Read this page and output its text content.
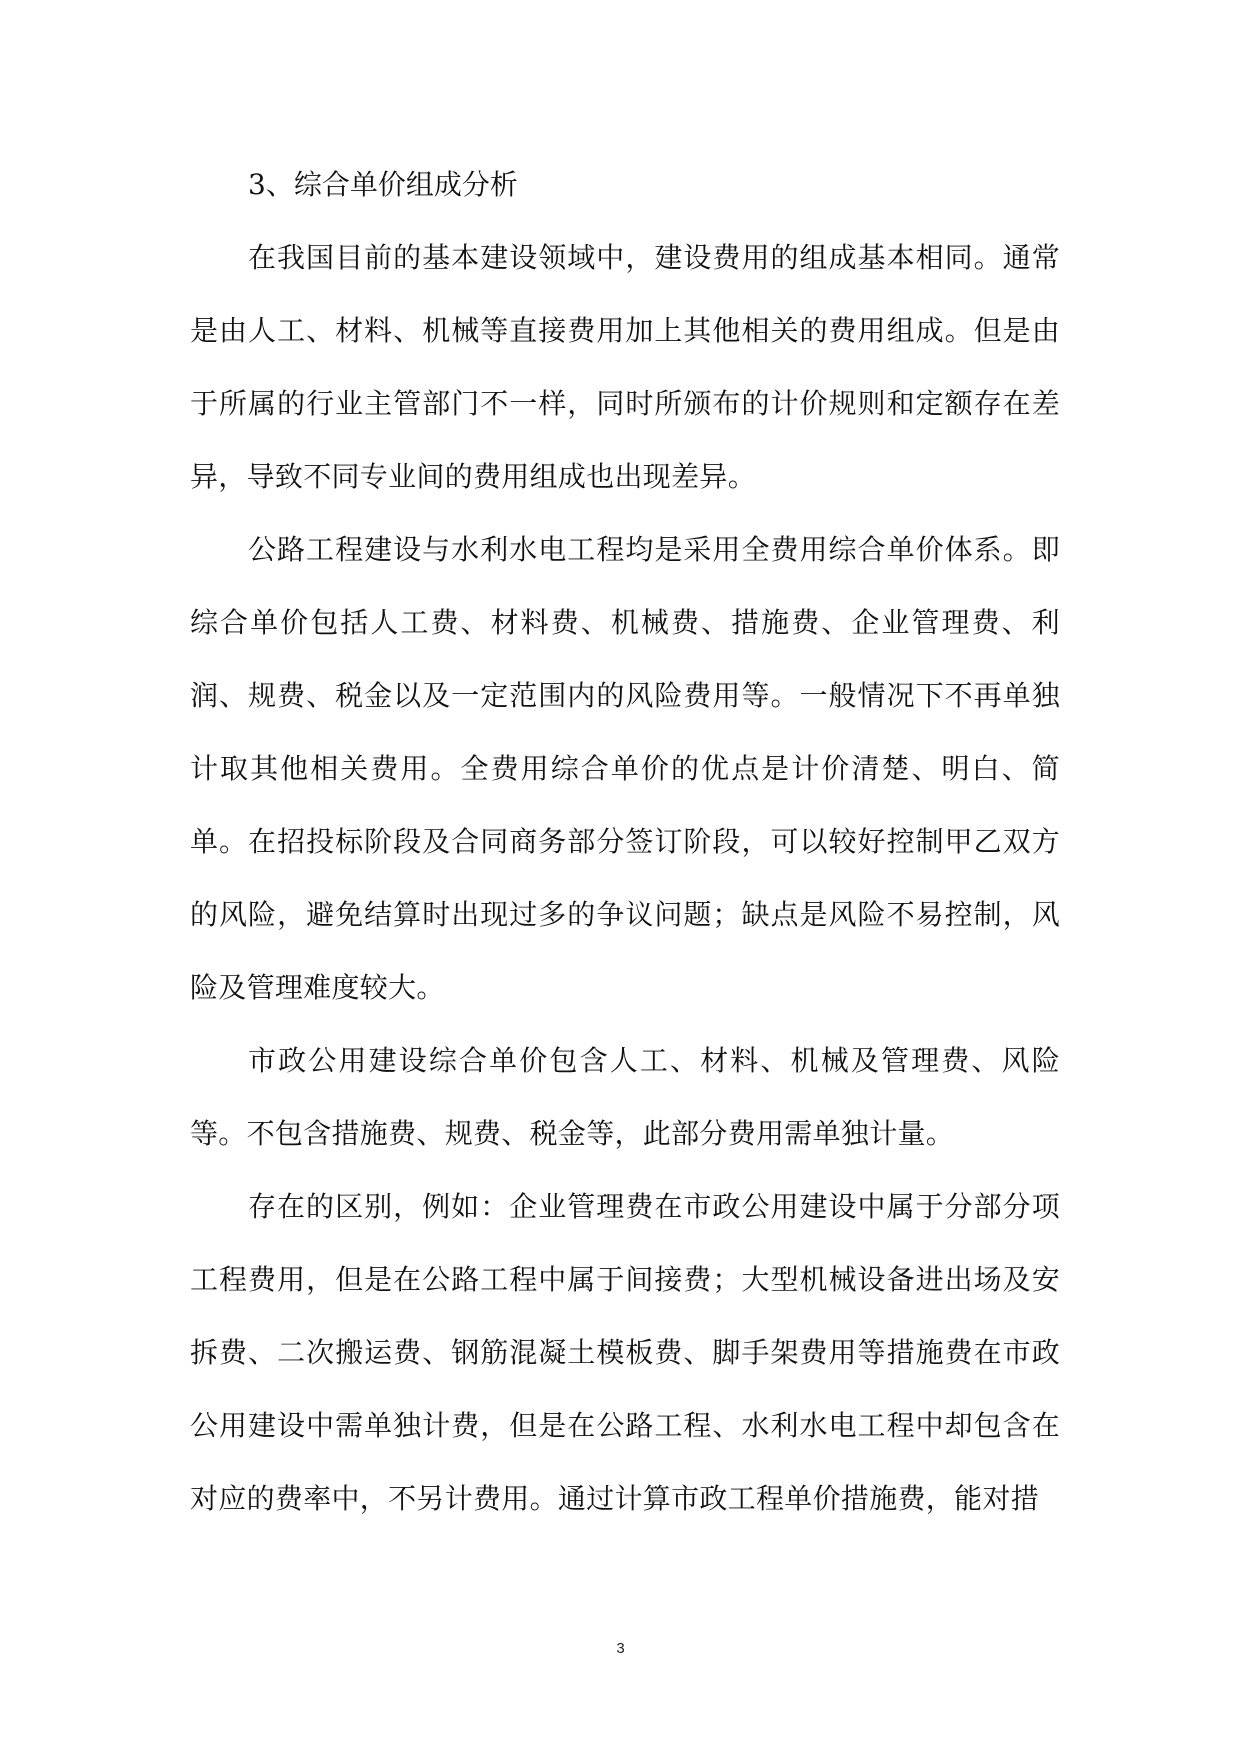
3、综合单价组成分析

在我国目前的基本建设领域中，建设费用的组成基本相同。通常是由人工、材料、机械等直接费用加上其他相关的费用组成。但是由于所属的行业主管部门不一样，同时所颁布的计价规则和定额存在差异，导致不同专业间的费用组成也出现差异。

公路工程建设与水利水电工程均是采用全费用综合单价体系。即综合单价包括人工费、材料费、机械费、措施费、企业管理费、利润、规费、税金以及一定范围内的风险费用等。一般情况下不再单独计取其他相关费用。全费用综合单价的优点是计价清楚、明白、简单。在招投标阶段及合同商务部分签订阶段，可以较好控制甲乙双方的风险，避免结算时出现过多的争议问题；缺点是风险不易控制，风险及管理难度较大。

市政公用建设综合单价包含人工、材料、机械及管理费、风险等。不包含措施费、规费、税金等，此部分费用需单独计量。

存在的区别，例如：企业管理费在市政公用建设中属于分部分项工程费用，但是在公路工程中属于间接费；大型机械设备进出场及安拆费、二次搬运费、钢筋混凝土模板费、脚手架费用等措施费在市政公用建设中需单独计费，但是在公路工程、水利水电工程中却包含在对应的费率中，不另计费用。通过计算市政工程单价措施费，能对措

3
